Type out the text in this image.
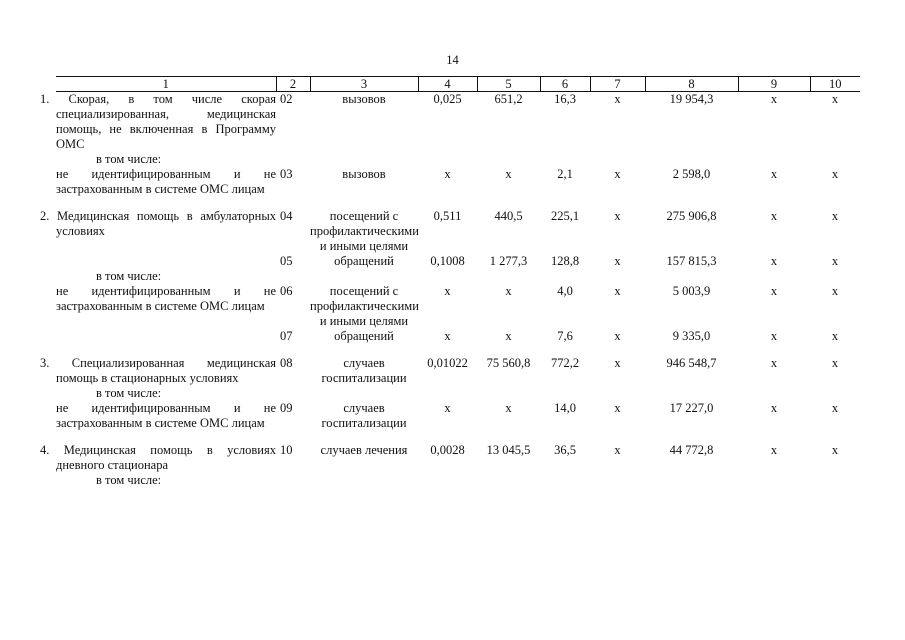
14
1	2	3	4	5	6	7	8	9	10
1. Скорая, в том числе скорая специализированная, медицинская помощь, не включенная в Программу ОМС	02	вызовов	0,025	651,2	16,3	x	19 954,3	x	x
в том числе:									
не идентифицированным и не застрахованным в системе ОМС лицам	03	вызовов	x	x	2,1	x	2 598,0	x	x

2. Медицинская помощь в амбулаторных условиях	04	посещений с профилактическими и иными целями	0,511	440,5	225,1	x	275 906,8	x	x
	05	обращений	0,1008	1 277,3	128,8	x	157 815,3	x	x
в том числе:									
не идентифицированным и не застрахованным в системе ОМС лицам	06	посещений с профилактическими и иными целями	x	x	4,0	x	5 003,9	x	x
	07	обращений	x	x	7,6	x	9 335,0	x	x

3. Специализированная медицинская помощь в стационарных условиях	08	случаев госпитализации	0,01022	75 560,8	772,2	x	946 548,7	x	x
в том числе:									
не идентифицированным и не застрахованным в системе ОМС лицам	09	случаев госпитализации	x	x	14,0	x	17 227,0	x	x

4. Медицинская помощь в условиях дневного стационара	10	случаев лечения	0,0028	13 045,5	36,5	x	44 772,8	x	x
в том числе:									
